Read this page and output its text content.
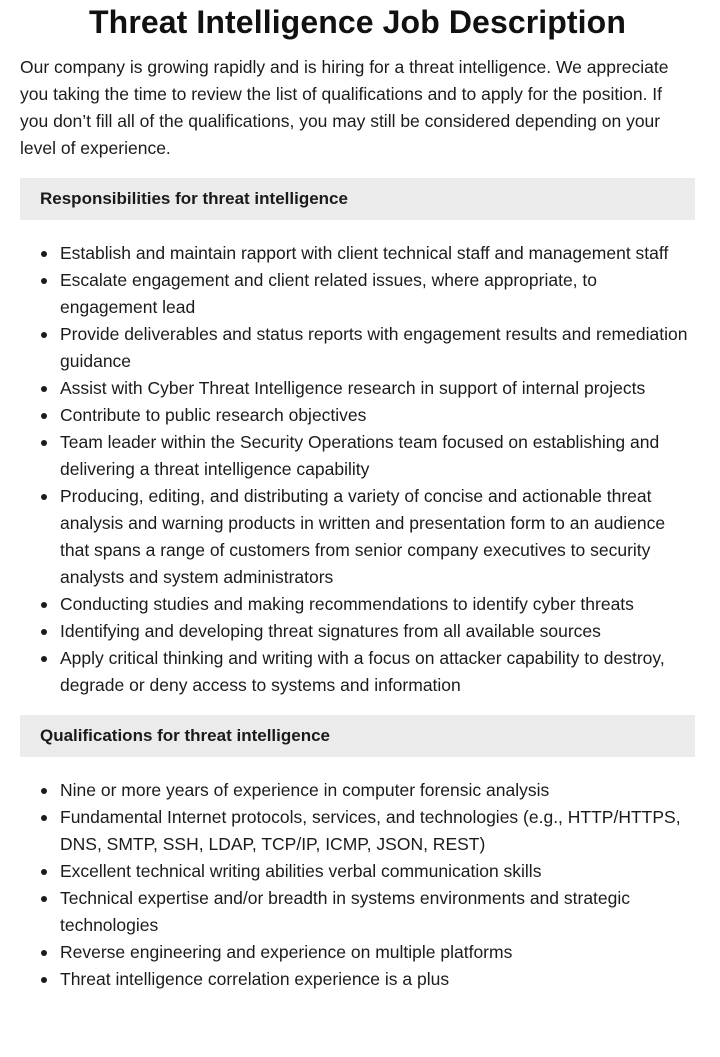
Threat Intelligence Job Description

Our company is growing rapidly and is hiring for a threat intelligence. We appreciate you taking the time to review the list of qualifications and to apply for the position. If you don’t fill all of the qualifications, you may still be considered depending on your level of experience.

Responsibilities for threat intelligence
Establish and maintain rapport with client technical staff and management staff
Escalate engagement and client related issues, where appropriate, to engagement lead
Provide deliverables and status reports with engagement results and remediation guidance
Assist with Cyber Threat Intelligence research in support of internal projects
Contribute to public research objectives
Team leader within the Security Operations team focused on establishing and delivering a threat intelligence capability
Producing, editing, and distributing a variety of concise and actionable threat analysis and warning products in written and presentation form to an audience that spans a range of customers from senior company executives to security analysts and system administrators
Conducting studies and making recommendations to identify cyber threats
Identifying and developing threat signatures from all available sources
Apply critical thinking and writing with a focus on attacker capability to destroy, degrade or deny access to systems and information
Qualifications for threat intelligence
Nine or more years of experience in computer forensic analysis
Fundamental Internet protocols, services, and technologies (e.g., HTTP/HTTPS, DNS, SMTP, SSH, LDAP, TCP/IP, ICMP, JSON, REST)
Excellent technical writing abilities verbal communication skills
Technical expertise and/or breadth in systems environments and strategic technologies
Reverse engineering and experience on multiple platforms
Threat intelligence correlation experience is a plus
